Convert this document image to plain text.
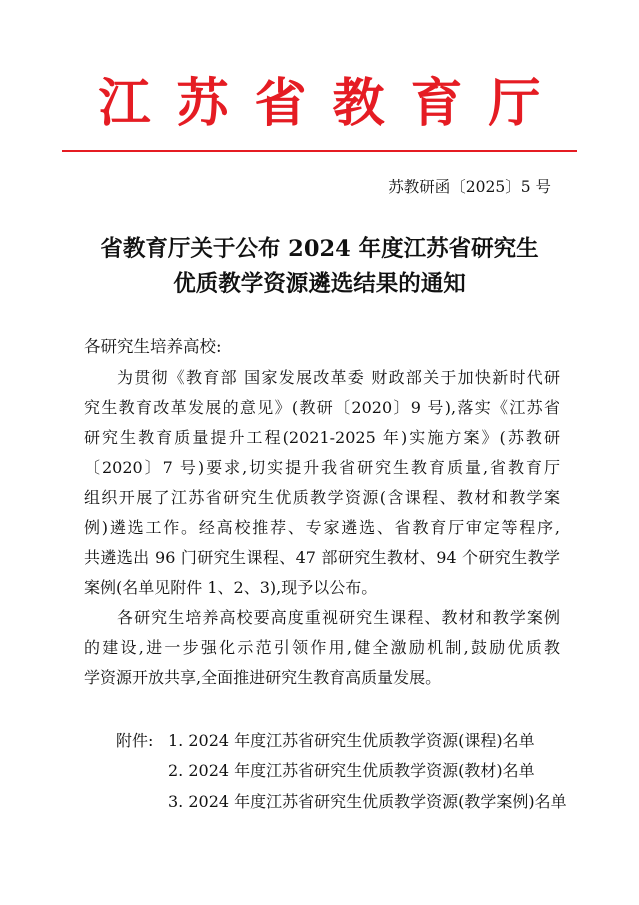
江苏省教育厅
苏教研函〔2025〕5 号
省教育厅关于公布 2024 年度江苏省研究生
优质教学资源遴选结果的通知
各研究生培养高校:
为贯彻《教育部 国家发展改革委 财政部关于加快新时代研
究生教育改革发展的意见》(教研〔2020〕9 号),落实《江苏省
研究生教育质量提升工程(2021-2025 年)实施方案》(苏教研
〔2020〕7 号)要求,切实提升我省研究生教育质量,省教育厅
组织开展了江苏省研究生优质教学资源(含课程、教材和教学案
例)遴选工作。经高校推荐、专家遴选、省教育厅审定等程序,
共遴选出 96 门研究生课程、47 部研究生教材、94 个研究生教学
案例(名单见附件 1、2、3),现予以公布。
各研究生培养高校要高度重视研究生课程、教材和教学案例
的建设,进一步强化示范引领作用,健全激励机制,鼓励优质教
学资源开放共享,全面推进研究生教育高质量发展。
附件: 1. 2024 年度江苏省研究生优质教学资源(课程)名单
2. 2024 年度江苏省研究生优质教学资源(教材)名单
3. 2024 年度江苏省研究生优质教学资源(教学案例)名单
